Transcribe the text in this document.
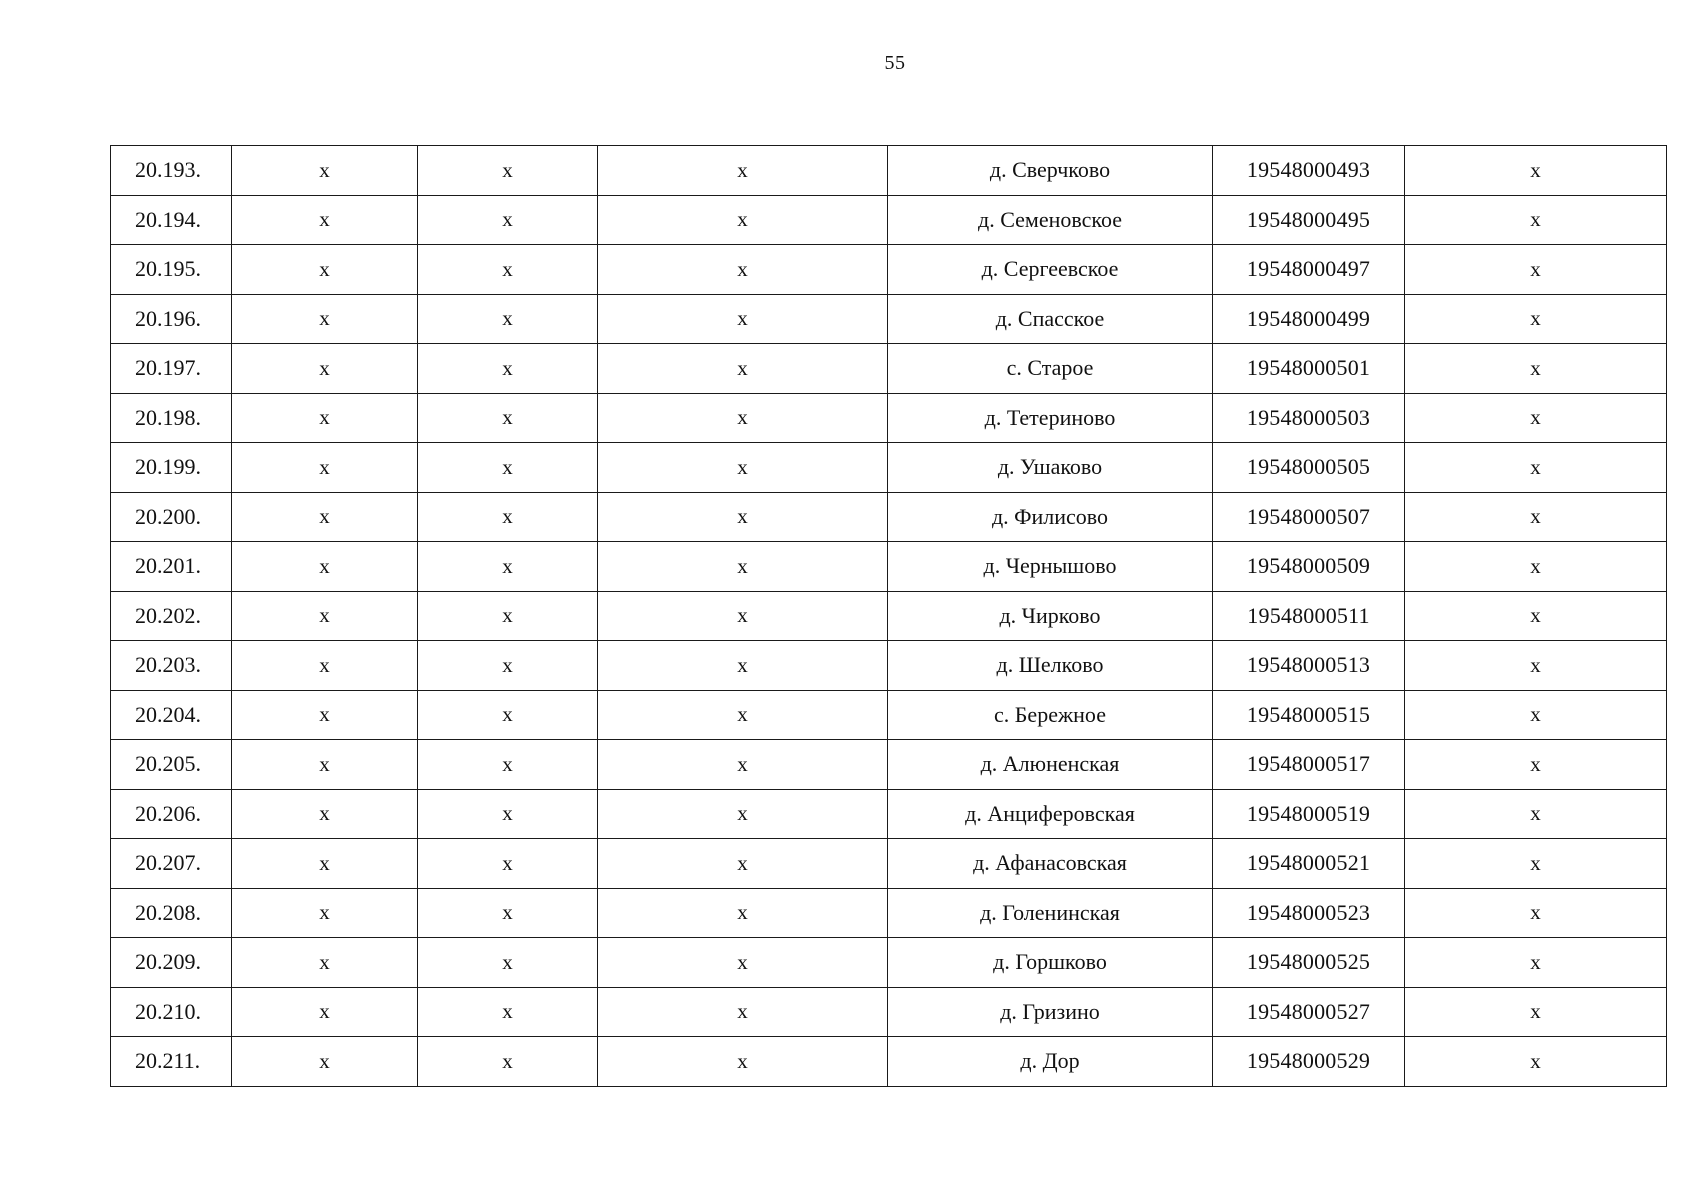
55
20.193.	x	x	x	д. Сверчково	19548000493	x
20.194.	x	x	x	д. Семеновское	19548000495	x
20.195.	x	x	x	д. Сергеевское	19548000497	x
20.196.	x	x	x	д. Спасское	19548000499	x
20.197.	x	x	x	с. Старое	19548000501	x
20.198.	x	x	x	д. Тетериново	19548000503	x
20.199.	x	x	x	д. Ушаково	19548000505	x
20.200.	x	x	x	д. Филисово	19548000507	x
20.201.	x	x	x	д. Чернышово	19548000509	x
20.202.	x	x	x	д. Чирково	19548000511	x
20.203.	x	x	x	д. Шелково	19548000513	x
20.204.	x	x	x	с. Бережное	19548000515	x
20.205.	x	x	x	д. Алюненская	19548000517	x
20.206.	x	x	x	д. Анциферовская	19548000519	x
20.207.	x	x	x	д. Афанасовская	19548000521	x
20.208.	x	x	x	д. Голенинская	19548000523	x
20.209.	x	x	x	д. Горшково	19548000525	x
20.210.	x	x	x	д. Гризино	19548000527	x
20.211.	x	x	x	д. Дор	19548000529	x
